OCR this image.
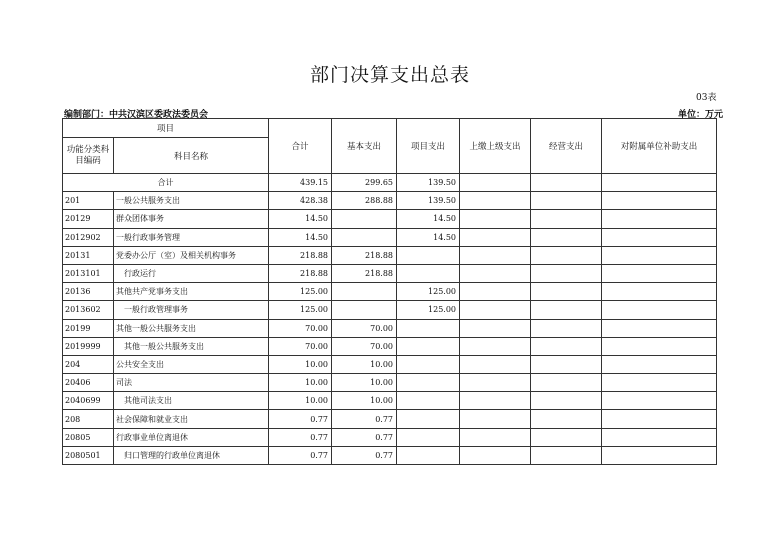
部门决算支出总表
03表
编制部门：中共汉滨区委政法委员会	单位：万元
项目		合计	基本支出	项目支出	上缴上级支出	经营支出	对附属单位补助支出
功能分类科目编码	科目名称						
合计		439.15	299.65	139.50			
201	一般公共服务支出	428.38	288.88	139.50			
20129	群众团体事务	14.50		14.50			
2012902	一般行政事务管理	14.50		14.50			
20131	党委办公厅（室）及相关机构事务	218.88	218.88				
2013101	行政运行	218.88	218.88				
20136	其他共产党事务支出	125.00		125.00			
2013602	一般行政管理事务	125.00		125.00			
20199	其他一般公共服务支出	70.00	70.00				
2019999	其他一般公共服务支出	70.00	70.00				
204	公共安全支出	10.00	10.00				
20406	司法	10.00	10.00				
2040699	其他司法支出	10.00	10.00				
208	社会保障和就业支出	0.77	0.77				
20805	行政事业单位离退休	0.77	0.77				
2080501	归口管理的行政单位离退休	0.77	0.77				
